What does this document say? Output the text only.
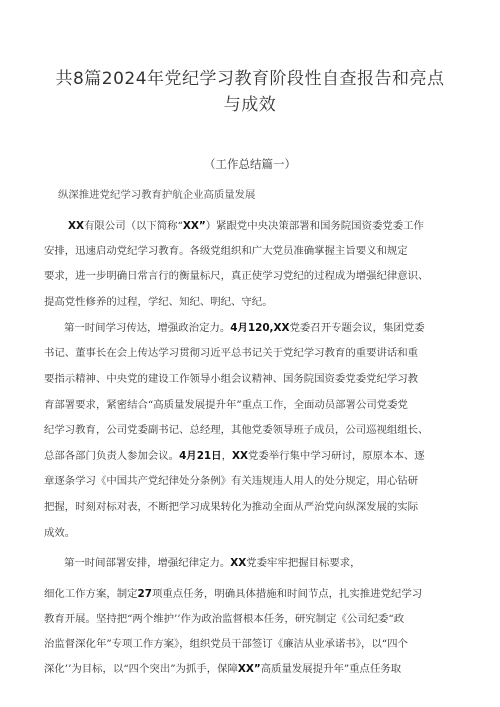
共8篇2024年党纪学习教育阶段性自查报告和亮点
与成效

（工作总结篇一）

纵深推进党纪学习教育护航企业高质量发展
XX有限公司（以下简称“XX”）紧跟党中央决策部署和国务院国资委党委工作
安排，迅速启动党纪学习教育。各级党组织和广大党员准确掌握主旨要义和规定
要求，进一步明确日常言行的衡量标尺，真正使学习党纪的过程成为增强纪律意识、
提高党性修养的过程，学纪、知纪、明纪、守纪。
第一时间学习传达，增强政治定力。4月120,XX党委召开专题会议，集团党委
书记、董事长在会上传达学习贯彻习近平总书记关于党纪学习教育的重要讲话和重
要指示精神、中央党的建设工作领导小组会议精神、国务院国资委党委党纪学习教
育部署要求，紧密结合“高质量发展提升年”重点工作，全面动员部署公司党委党
纪学习教育，公司党委副书记、总经理，其他党委领导班子成员，公司巡视组组长、
总部各部门负责人参加会议。4月21日，XX党委举行集中学习研讨，原原本本、逐
章逐条学习《中国共产党纪律处分条例》有关违规违人用人的处分规定，用心钻研
把握，时刻对标对表，不断把学习成果转化为推动全面从严治党向纵深发展的实际
成效。
第一时间部署安排，增强纪律定力。XX党委牢牢把握目标要求，
细化工作方案，制定27项重点任务，明确具体措施和时间节点，扎实推进党纪学习
教育开展。坚持把“两个维护’’作为政治监督根本任务，研究制定《公司纪委“政
治监督深化年”专项工作方案》，组织党员干部签订《廉洁从业承诺书》，以“四个
深化’’为目标，以“四个突出”为抓手，保障XX”高质量发展提升年”重点任务取
